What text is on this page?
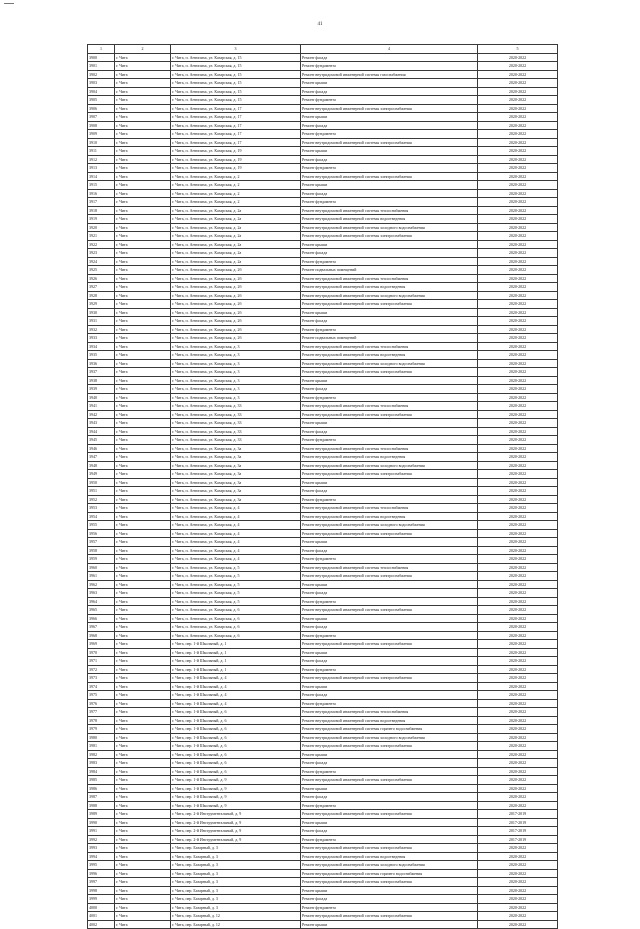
41
1	2	3	4	5
3900	г. Чита	г. Чита, п. Антипиха, ул. Казарская, д. 15	Ремонт фасада	2020-2022
3901	г. Чита	г. Чита, п. Антипиха, ул. Казарская, д. 15	Ремонт фундамента	2020-2022
3902	г. Чита	г. Чита, п. Антипиха, ул. Казарская, д. 15	Ремонт внутридомовой инженерной системы газоснабжения	2020-2022
3903	г. Чита	г. Чита, п. Антипиха, ул. Казарская, д. 15	Ремонт крыши	2020-2022
3904	г. Чита	г. Чита, п. Антипиха, ул. Казарская, д. 15	Ремонт фасада	2020-2022
3905	г. Чита	г. Чита, п. Антипиха, ул. Казарская, д. 15	Ремонт фундамента	2020-2022
3906	г. Чита	г. Чита, п. Антипиха, ул. Казарская, д. 17	Ремонт внутридомовой инженерной системы электроснабжения	2020-2022
3907	г. Чита	г. Чита, п. Антипиха, ул. Казарская, д. 17	Ремонт крыши	2020-2022
3908	г. Чита	г. Чита, п. Антипиха, ул. Казарская, д. 17	Ремонт фасада	2020-2022
3909	г. Чита	г. Чита, п. Антипиха, ул. Казарская, д. 17	Ремонт фундамента	2020-2022
3910	г. Чита	г. Чита, п. Антипиха, ул. Казарская, д. 17	Ремонт внутридомовой инженерной системы электроснабжения	2020-2022
3911	г. Чита	г. Чита, п. Антипиха, ул. Казарская, д. 19	Ремонт крыши	2020-2022
3912	г. Чита	г. Чита, п. Антипиха, ул. Казарская, д. 19	Ремонт фасада	2020-2022
3913	г. Чита	г. Чита, п. Антипиха, ул. Казарская, д. 19	Ремонт фундамента	2020-2022
3914	г. Чита	г. Чита, п. Антипиха, ул. Казарская, д. 2	Ремонт внутридомовой инженерной системы электроснабжения	2020-2022
3915	г. Чита	г. Чита, п. Антипиха, ул. Казарская, д. 2	Ремонт крыши	2020-2022
3916	г. Чита	г. Чита, п. Антипиха, ул. Казарская, д. 2	Ремонт фасада	2020-2022
3917	г. Чита	г. Чита, п. Антипиха, ул. Казарская, д. 2	Ремонт фундамента	2020-2022
3918	г. Чита	г. Чита, п. Антипиха, ул. Казарская, д. 2а	Ремонт внутридомовой инженерной системы теплоснабжения	2020-2022
3919	г. Чита	г. Чита, п. Антипиха, ул. Казарская, д. 2а	Ремонт внутридомовой инженерной системы водоотведения	2020-2022
3920	г. Чита	г. Чита, п. Антипиха, ул. Казарская, д. 2а	Ремонт внутридомовой инженерной системы холодного водоснабжения	2020-2022
3921	г. Чита	г. Чита, п. Антипиха, ул. Казарская, д. 2а	Ремонт внутридомовой инженерной системы электроснабжения	2020-2022
3922	г. Чита	г. Чита, п. Антипиха, ул. Казарская, д. 2а	Ремонт крыши	2020-2022
3923	г. Чита	г. Чита, п. Антипиха, ул. Казарская, д. 2а	Ремонт фасада	2020-2022
3924	г. Чита	г. Чита, п. Антипиха, ул. Казарская, д. 2а	Ремонт фундамента	2020-2022
3925	г. Чита	г. Чита, п. Антипиха, ул. Казарская, д. 2б	Ремонт подвальных помещений	2020-2022
3926	г. Чита	г. Чита, п. Антипиха, ул. Казарская, д. 2б	Ремонт внутридомовой инженерной системы теплоснабжения	2020-2022
3927	г. Чита	г. Чита, п. Антипиха, ул. Казарская, д. 2б	Ремонт внутридомовой инженерной системы водоотведения	2020-2022
3928	г. Чита	г. Чита, п. Антипиха, ул. Казарская, д. 2б	Ремонт внутридомовой инженерной системы холодного водоснабжения	2020-2022
3929	г. Чита	г. Чита, п. Антипиха, ул. Казарская, д. 2б	Ремонт внутридомовой инженерной системы электроснабжения	2020-2022
3930	г. Чита	г. Чита, п. Антипиха, ул. Казарская, д. 2б	Ремонт крыши	2020-2022
3931	г. Чита	г. Чита, п. Антипиха, ул. Казарская, д. 2б	Ремонт фасада	2020-2022
3932	г. Чита	г. Чита, п. Антипиха, ул. Казарская, д. 2б	Ремонт фундамента	2020-2022
3933	г. Чита	г. Чита, п. Антипиха, ул. Казарская, д. 2б	Ремонт подвальных помещений	2020-2022
3934	г. Чита	г. Чита, п. Антипиха, ул. Казарская, д. 3	Ремонт внутридомовой инженерной системы теплоснабжения	2020-2022
3935	г. Чита	г. Чита, п. Антипиха, ул. Казарская, д. 3	Ремонт внутридомовой инженерной системы водоотведения	2020-2022
3936	г. Чита	г. Чита, п. Антипиха, ул. Казарская, д. 3	Ремонт внутридомовой инженерной системы холодного водоснабжения	2020-2022
3937	г. Чита	г. Чита, п. Антипиха, ул. Казарская, д. 3	Ремонт внутридомовой инженерной системы электроснабжения	2020-2022
3938	г. Чита	г. Чита, п. Антипиха, ул. Казарская, д. 3	Ремонт крыши	2020-2022
3939	г. Чита	г. Чита, п. Антипиха, ул. Казарская, д. 3	Ремонт фасада	2020-2022
3940	г. Чита	г. Чита, п. Антипиха, ул. Казарская, д. 3	Ремонт фундамента	2020-2022
3941	г. Чита	г. Чита, п. Антипиха, ул. Казарская, д. 33	Ремонт внутридомовой инженерной системы теплоснабжения	2020-2022
3942	г. Чита	г. Чита, п. Антипиха, ул. Казарская, д. 33	Ремонт внутридомовой инженерной системы электроснабжения	2020-2022
3943	г. Чита	г. Чита, п. Антипиха, ул. Казарская, д. 33	Ремонт крыши	2020-2022
3944	г. Чита	г. Чита, п. Антипиха, ул. Казарская, д. 33	Ремонт фасада	2020-2022
3945	г. Чита	г. Чита, п. Антипиха, ул. Казарская, д. 33	Ремонт фундамента	2020-2022
3946	г. Чита	г. Чита, п. Антипиха, ул. Казарская, д. 3а	Ремонт внутридомовой инженерной системы теплоснабжения	2020-2022
3947	г. Чита	г. Чита, п. Антипиха, ул. Казарская, д. 3а	Ремонт внутридомовой инженерной системы водоотведения	2020-2022
3948	г. Чита	г. Чита, п. Антипиха, ул. Казарская, д. 3а	Ремонт внутридомовой инженерной системы холодного водоснабжения	2020-2022
3949	г. Чита	г. Чита, п. Антипиха, ул. Казарская, д. 3а	Ремонт внутридомовой инженерной системы электроснабжения	2020-2022
3950	г. Чита	г. Чита, п. Антипиха, ул. Казарская, д. 3а	Ремонт крыши	2020-2022
3951	г. Чита	г. Чита, п. Антипиха, ул. Казарская, д. 3а	Ремонт фасада	2020-2022
3952	г. Чита	г. Чита, п. Антипиха, ул. Казарская, д. 3а	Ремонт фундамента	2020-2022
3953	г. Чита	г. Чита, п. Антипиха, ул. Казарская, д. 4	Ремонт внутридомовой инженерной системы теплоснабжения	2020-2022
3954	г. Чита	г. Чита, п. Антипиха, ул. Казарская, д. 4	Ремонт внутридомовой инженерной системы водоотведения	2020-2022
3955	г. Чита	г. Чита, п. Антипиха, ул. Казарская, д. 4	Ремонт внутридомовой инженерной системы холодного водоснабжения	2020-2022
3956	г. Чита	г. Чита, п. Антипиха, ул. Казарская, д. 4	Ремонт внутридомовой инженерной системы электроснабжения	2020-2022
3957	г. Чита	г. Чита, п. Антипиха, ул. Казарская, д. 4	Ремонт крыши	2020-2022
3958	г. Чита	г. Чита, п. Антипиха, ул. Казарская, д. 4	Ремонт фасада	2020-2022
3959	г. Чита	г. Чита, п. Антипиха, ул. Казарская, д. 4	Ремонт фундамента	2020-2022
3960	г. Чита	г. Чита, п. Антипиха, ул. Казарская, д. 5	Ремонт внутридомовой инженерной системы теплоснабжения	2020-2022
3961	г. Чита	г. Чита, п. Антипиха, ул. Казарская, д. 5	Ремонт внутридомовой инженерной системы электроснабжения	2020-2022
3962	г. Чита	г. Чита, п. Антипиха, ул. Казарская, д. 5	Ремонт крыши	2020-2022
3963	г. Чита	г. Чита, п. Антипиха, ул. Казарская, д. 5	Ремонт фасада	2020-2022
3964	г. Чита	г. Чита, п. Антипиха, ул. Казарская, д. 5	Ремонт фундамента	2020-2022
3965	г. Чита	г. Чита, п. Антипиха, ул. Казарская, д. 6	Ремонт внутридомовой инженерной системы электроснабжения	2020-2022
3966	г. Чита	г. Чита, п. Антипиха, ул. Казарская, д. 6	Ремонт крыши	2020-2022
3967	г. Чита	г. Чита, п. Антипиха, ул. Казарская, д. 6	Ремонт фасада	2020-2022
3968	г. Чита	г. Чита, п. Антипиха, ул. Казарская, д. 6	Ремонт фундамента	2020-2022
3969	г. Чита	г. Чита, пер. 1-й Школьный, д. 1	Ремонт внутридомовой инженерной системы электроснабжения	2020-2022
3970	г. Чита	г. Чита, пер. 1-й Школьный, д. 1	Ремонт крыши	2020-2022
3971	г. Чита	г. Чита, пер. 1-й Школьный, д. 1	Ремонт фасада	2020-2022
3972	г. Чита	г. Чита, пер. 1-й Школьный, д. 1	Ремонт фундамента	2020-2022
3973	г. Чита	г. Чита, пер. 1-й Школьный, д. 4	Ремонт внутридомовой инженерной системы электроснабжения	2020-2022
3974	г. Чита	г. Чита, пер. 1-й Школьный, д. 4	Ремонт крыши	2020-2022
3975	г. Чита	г. Чита, пер. 1-й Школьный, д. 4	Ремонт фасада	2020-2022
3976	г. Чита	г. Чита, пер. 1-й Школьный, д. 4	Ремонт фундамента	2020-2022
3977	г. Чита	г. Чита, пер. 1-й Школьный, д. 6	Ремонт внутридомовой инженерной системы теплоснабжения	2020-2022
3978	г. Чита	г. Чита, пер. 1-й Школьный, д. 6	Ремонт внутридомовой инженерной системы водоотведения	2020-2022
3979	г. Чита	г. Чита, пер. 1-й Школьный, д. 6	Ремонт внутридомовой инженерной системы горячего водоснабжения	2020-2022
3980	г. Чита	г. Чита, пер. 1-й Школьный, д. 6	Ремонт внутридомовой инженерной системы холодного водоснабжения	2020-2022
3981	г. Чита	г. Чита, пер. 1-й Школьный, д. 6	Ремонт внутридомовой инженерной системы электроснабжения	2020-2022
3982	г. Чита	г. Чита, пер. 1-й Школьный, д. 6	Ремонт крыши	2020-2022
3983	г. Чита	г. Чита, пер. 1-й Школьный, д. 6	Ремонт фасада	2020-2022
3984	г. Чита	г. Чита, пер. 1-й Школьный, д. 6	Ремонт фундамента	2020-2022
3985	г. Чита	г. Чита, пер. 1-й Школьный, д. 9	Ремонт внутридомовой инженерной системы электроснабжения	2020-2022
3986	г. Чита	г. Чита, пер. 1-й Школьный, д. 9	Ремонт крыши	2020-2022
3987	г. Чита	г. Чита, пер. 1-й Школьный, д. 9	Ремонт фасада	2020-2022
3988	г. Чита	г. Чита, пер. 1-й Школьный, д. 9	Ремонт фундамента	2020-2022
3989	г. Чита	г. Чита, пер. 2-й Инструментальный, д. 9	Ремонт внутридомовой инженерной системы электроснабжения	2017-2019
3990	г. Чита	г. Чита, пер. 2-й Инструментальный, д. 9	Ремонт крыши	2017-2019
3991	г. Чита	г. Чита, пер. 2-й Инструментальный, д. 9	Ремонт фасада	2017-2019
3992	г. Чита	г. Чита, пер. 2-й Инструментальный, д. 9	Ремонт фундамента	2017-2019
3993	г. Чита	г. Чита, пер. Базарный, д. 3	Ремонт внутридомовой инженерной системы электроснабжения	2020-2022
3994	г. Чита	г. Чита, пер. Базарный, д. 3	Ремонт внутридомовой инженерной системы водоотведения	2020-2022
3995	г. Чита	г. Чита, пер. Базарный, д. 3	Ремонт внутридомовой инженерной системы холодного водоснабжения	2020-2022
3996	г. Чита	г. Чита, пер. Базарный, д. 3	Ремонт внутридомовой инженерной системы горячего водоснабжения	2020-2022
3997	г. Чита	г. Чита, пер. Базарный, д. 3	Ремонт внутридомовой инженерной системы электроснабжения	2020-2022
3998	г. Чита	г. Чита, пер. Базарный, д. 3	Ремонт крыши	2020-2022
3999	г. Чита	г. Чита, пер. Базарный, д. 3	Ремонт фасада	2020-2022
4000	г. Чита	г. Чита, пер. Базарный, д. 3	Ремонт фундамента	2020-2022
4001	г. Чита	г. Чита, пер. Базарный, д. 12	Ремонт внутридомовой инженерной системы электроснабжения	2020-2022
4002	г. Чита	г. Чита, пер. Базарный, д. 12	Ремонт крыши	2020-2022
